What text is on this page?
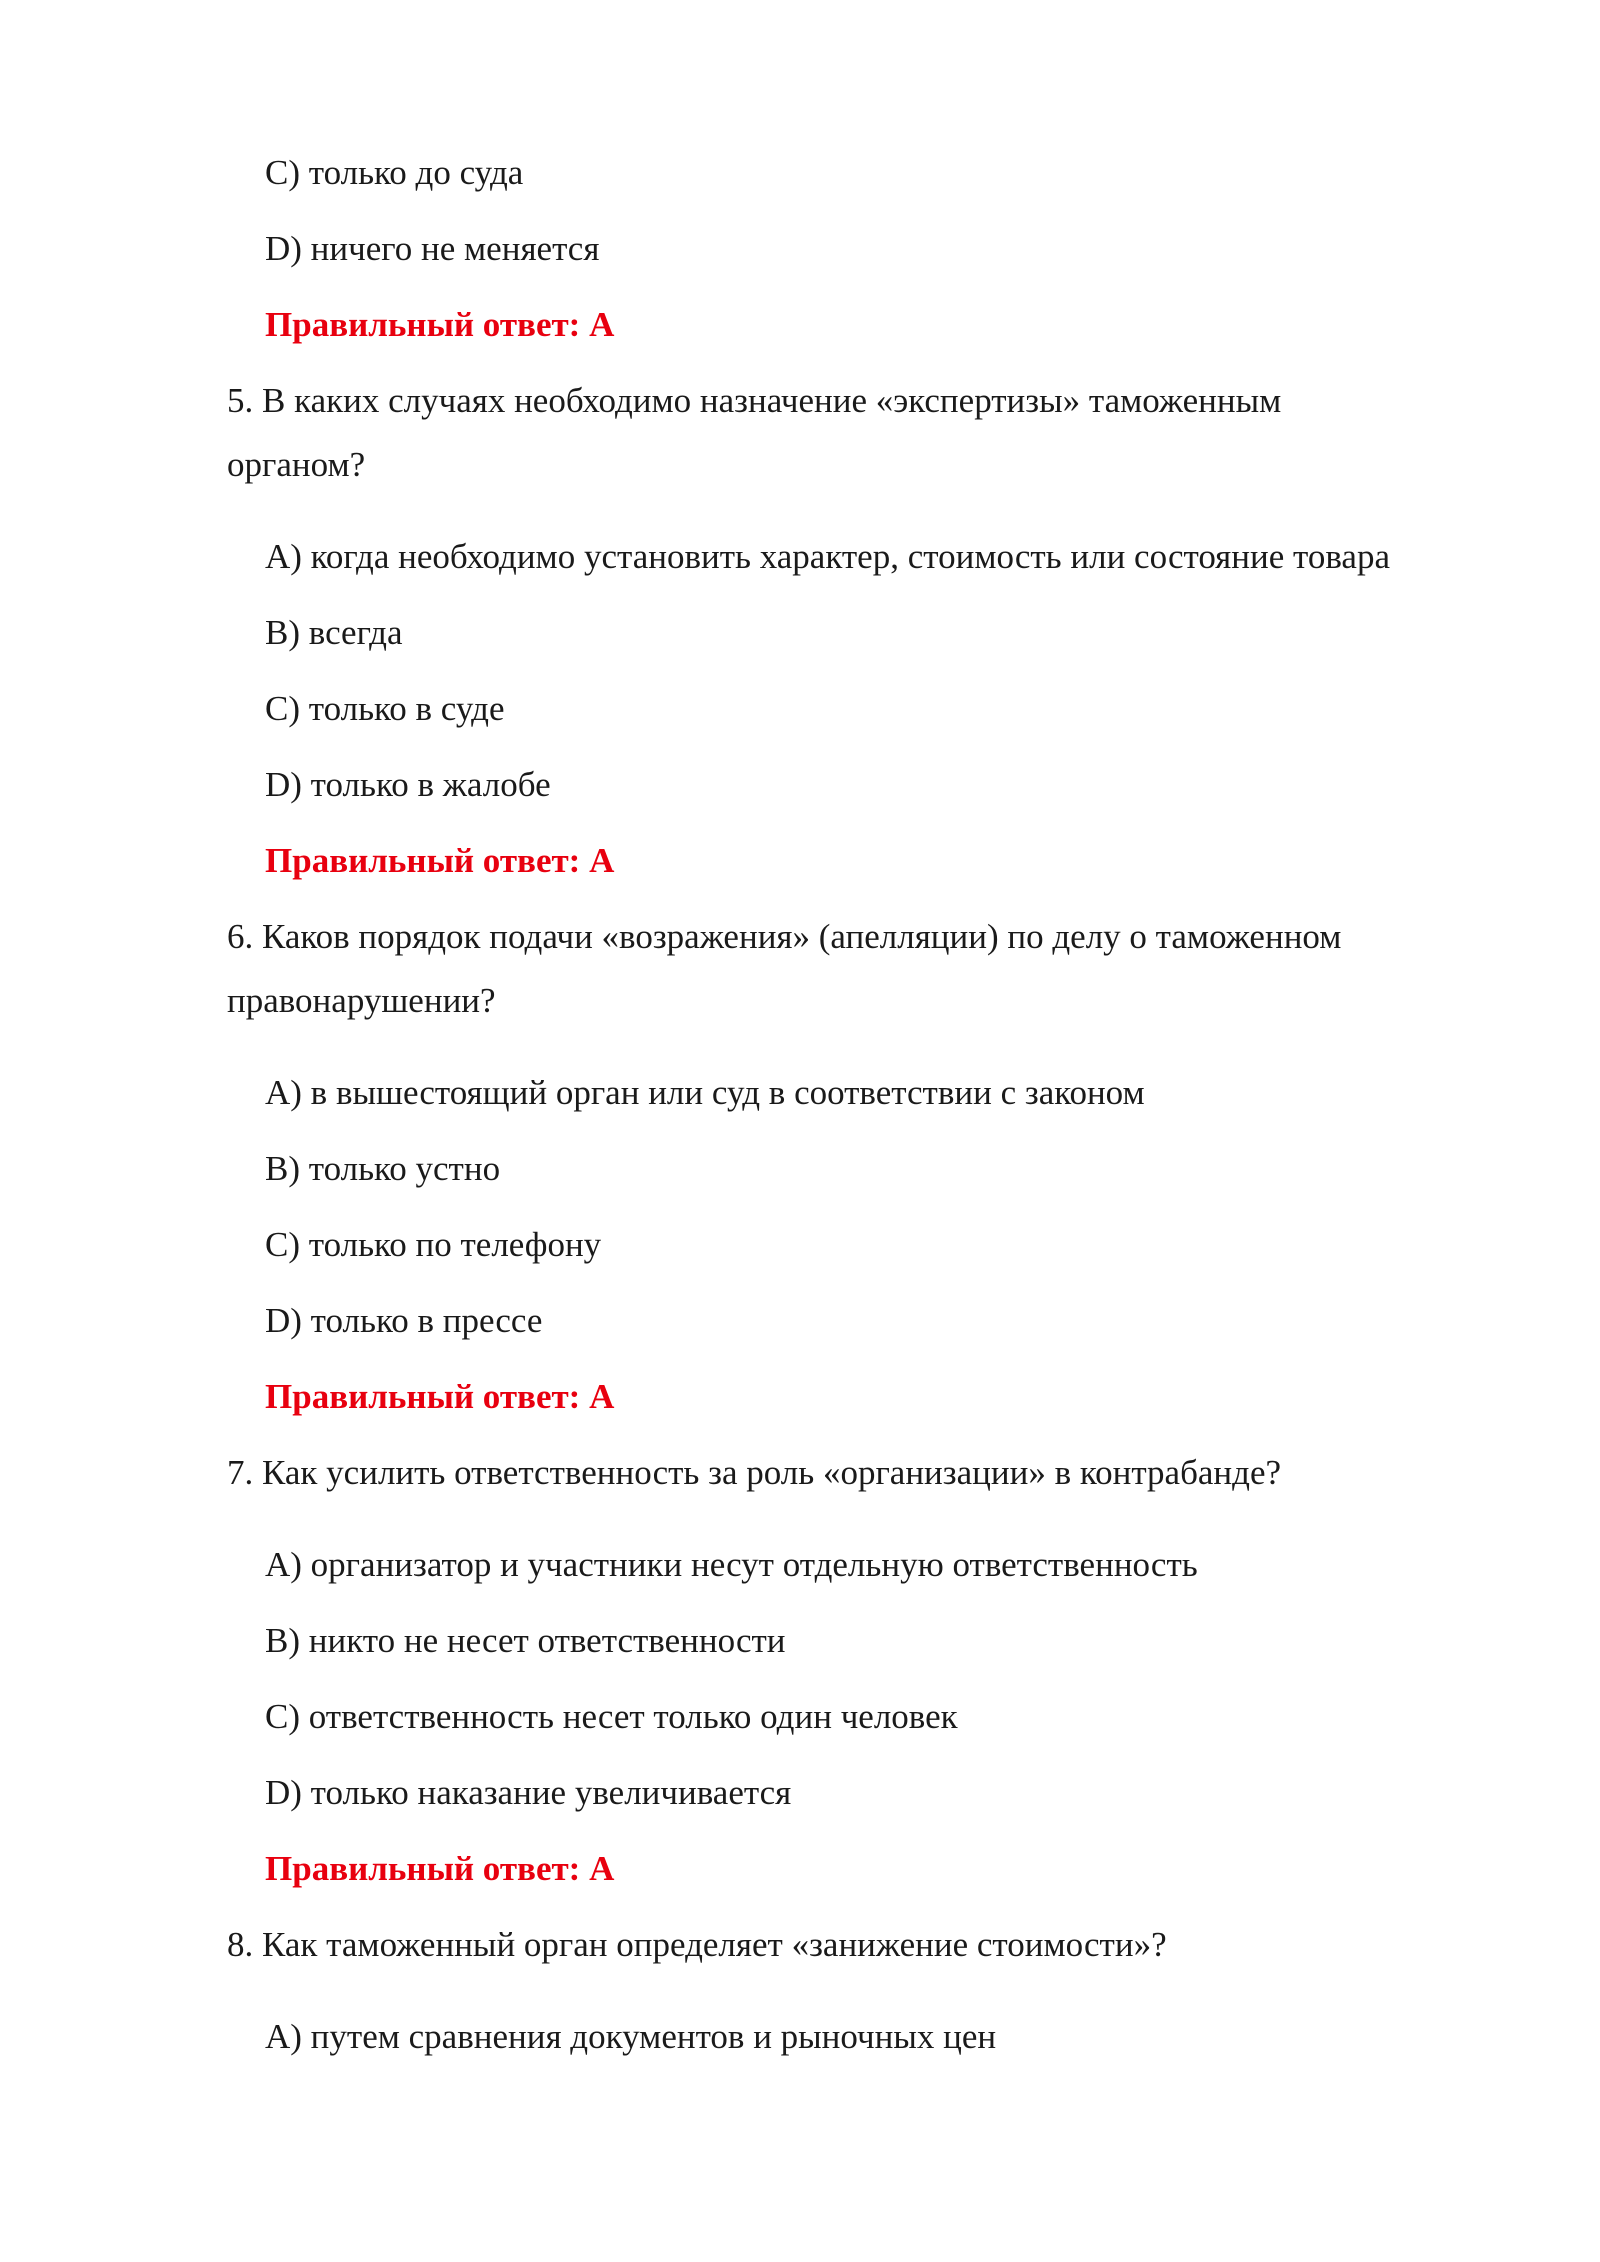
С) только до суда
D) ничего не меняется
Правильный ответ: A
5. В каких случаях необходимо назначение «экспертизы» таможенным
органом?
A) когда необходимо установить характер, стоимость или состояние товара
B) всегда
C) только в суде
D) только в жалобе
Правильный ответ: A
6. Каков порядок подачи «возражения» (апелляции) по делу о таможенном
правонарушении?
A) в вышестоящий орган или суд в соответствии с законом
B) только устно
C) только по телефону
D) только в прессе
Правильный ответ: A
7. Как усилить ответственность за роль «организации» в контрабанде?
A) организатор и участники несут отдельную ответственность
B) никто не несет ответственности
C) ответственность несет только один человек
D) только наказание увеличивается
Правильный ответ: A
8. Как таможенный орган определяет «занижение стоимости»?
A) путем сравнения документов и рыночных цен
